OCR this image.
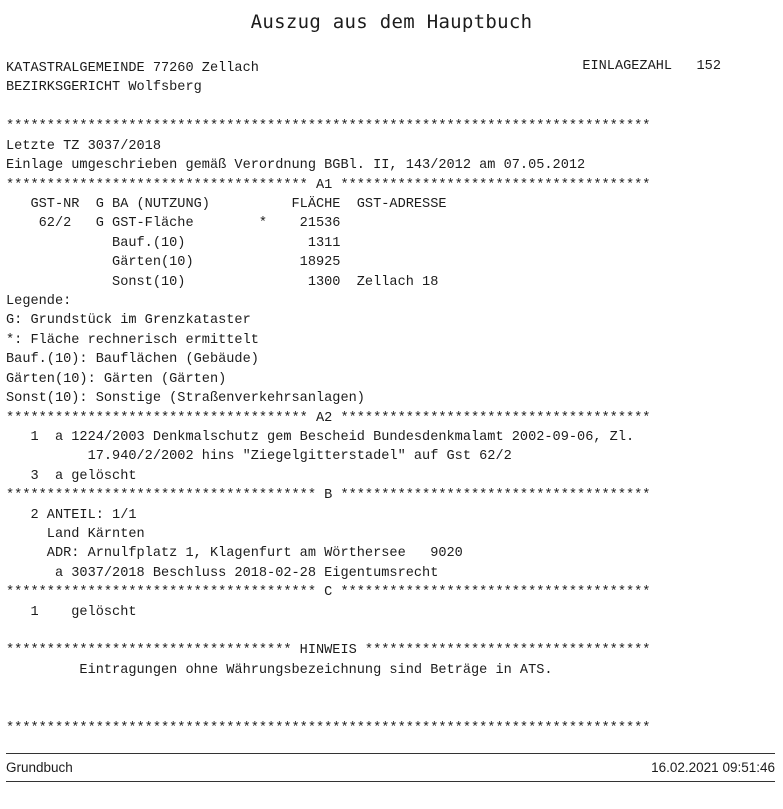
Auszug aus dem Hauptbuch
KATASTRALGEMEINDE 77260 Zellach	EINLAGEZAHL   152
BEZIRKSGERICHT Wolfsberg

*******************************************************************************
Letzte TZ 3037/2018
Einlage umgeschrieben gemäß Verordnung BGBl. II, 143/2012 am 07.05.2012
************************************* A1 **************************************
GST-NR  G BA (NUTZUNG)          FLÄCHE  GST-ADRESSE
62/2   G GST-Fläche        *    21536
Bauf.(10)               1311
Gärten(10)             18925
Sonst(10)               1300  Zellach 18
Legende:
G: Grundstück im Grenzkataster
*: Fläche rechnerisch ermittelt
Bauf.(10): Bauflächen (Gebäude)
Gärten(10): Gärten (Gärten)
Sonst(10): Sonstige (Straßenverkehrsanlagen)
************************************* A2 **************************************
1  a 1224/2003 Denkmalschutz gem Bescheid Bundesdenkmalamt 2002-09-06, Zl.
17.940/2/2002 hins "Ziegelgitterstadel" auf Gst 62/2
3  a gelöscht
************************************** B **************************************
2 ANTEIL: 1/1
Land Kärnten
ADR: Arnulfplatz 1, Klagenfurt am Wörthersee   9020
a 3037/2018 Beschluss 2018-02-28 Eigentumsrecht
************************************** C **************************************
1    gelöscht

*********************************** HINWEIS ***********************************
Eintragungen ohne Währungsbezeichnung sind Beträge in ATS.

*******************************************************************************
Grundbuch	16.02.2021 09:51:46
